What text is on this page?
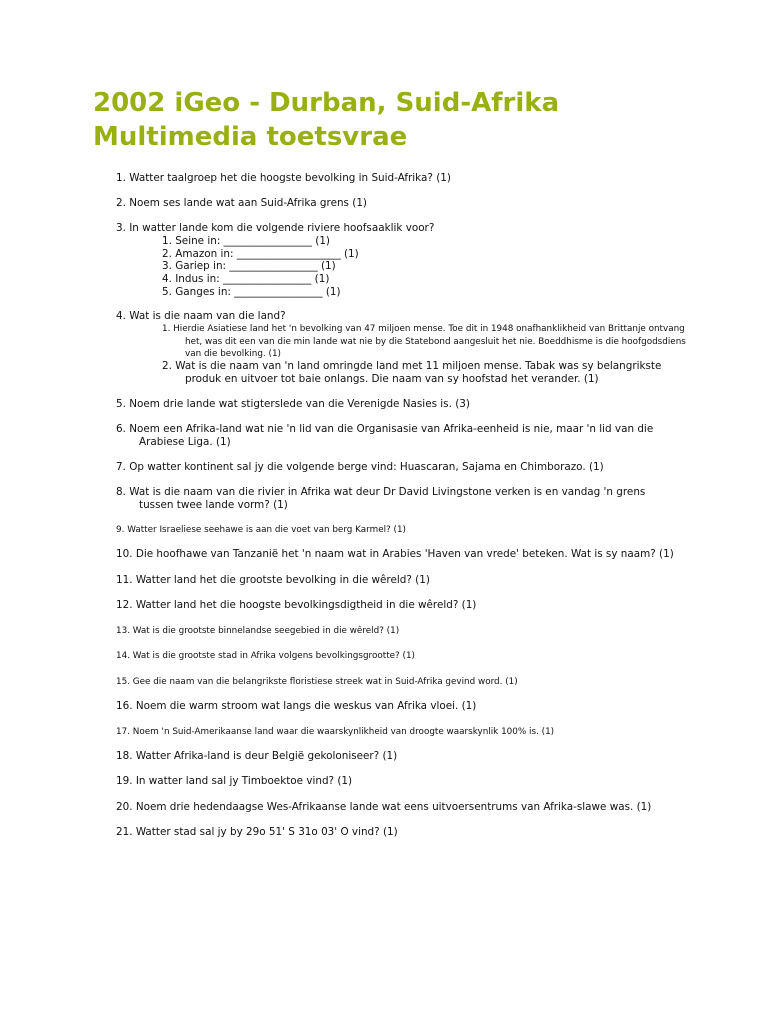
2002 iGeo - Durban, Suid-Afrika
Multimedia toetsvrae
1. Watter taalgroep het die hoogste bevolking in Suid-Afrika? (1)
2. Noem ses lande wat aan Suid-Afrika grens (1)
3. In watter lande kom die volgende riviere hoofsaaklik voor?
1. Seine in: _________________ (1)
2. Amazon in: ____________________ (1)
3. Gariep in: _________________ (1)
4. Indus in: _________________ (1)
5. Ganges in: _________________ (1)
4. Wat is die naam van die land?
1. Hierdie Asiatiese land het 'n bevolking van 47 miljoen mense. Toe dit in 1948 onafhanklikheid van Brittanje ontvang
het, was dit een van die min lande wat nie by die Statebond aangesluit het nie. Boeddhisme is die hoofgodsdiens
van die bevolking. (1)
2. Wat is die naam van 'n land omringde land met 11 miljoen mense. Tabak was sy belangrikste
produk en uitvoer tot baie onlangs. Die naam van sy hoofstad het verander. (1)
5. Noem drie lande wat stigterslede van die Verenigde Nasies is. (3)
6. Noem een Afrika-land wat nie 'n lid van die Organisasie van Afrika-eenheid is nie, maar 'n lid van die
Arabiese Liga. (1)
7. Op watter kontinent sal jy die volgende berge vind: Huascaran, Sajama en Chimborazo. (1)
8. Wat is die naam van die rivier in Afrika wat deur Dr David Livingstone verken is en vandag 'n grens
tussen twee lande vorm? (1)
9. Watter Israeliese seehawe is aan die voet van berg Karmel? (1)
10. Die hoofhawe van Tanzanië het 'n naam wat in Arabies 'Haven van vrede' beteken. Wat is sy naam? (1)
11. Watter land het die grootste bevolking in die wêreld? (1)
12. Watter land het die hoogste bevolkingsdigtheid in die wêreld? (1)
13. Wat is die grootste binnelandse seegebied in die wêreld? (1)
14. Wat is die grootste stad in Afrika volgens bevolkingsgrootte? (1)
15. Gee die naam van die belangrikste floristiese streek wat in Suid-Afrika gevind word. (1)
16. Noem die warm stroom wat langs die weskus van Afrika vloei. (1)
17. Noem 'n Suid-Amerikaanse land waar die waarskynlikheid van droogte waarskynlik 100% is. (1)
18. Watter Afrika-land is deur België gekoloniseer? (1)
19. In watter land sal jy Timboektoe vind? (1)
20. Noem drie hedendaagse Wes-Afrikaanse lande wat eens uitvoersentrums van Afrika-slawe was. (1)
21. Watter stad sal jy by 29o 51' S 31o 03' O vind? (1)
